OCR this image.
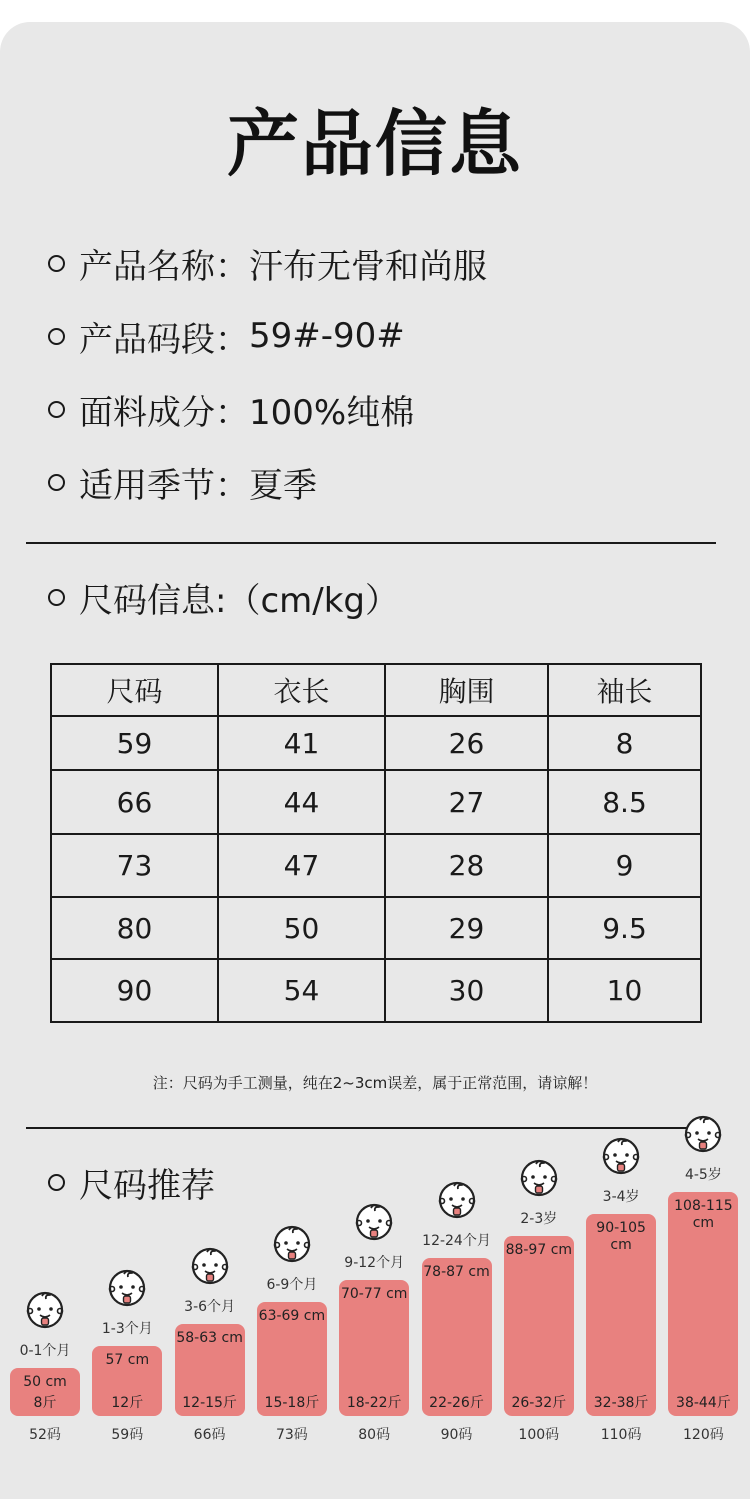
产品信息
产品名称： 汗布无骨和尚服
产品码段： 59#-90#
面料成分： 100%纯棉
适用季节： 夏季
尺码信息:（cm/kg）
尺码	衣长	胸围	袖长
59	41	26	8
66	44	27	8.5
73	47	28	9
80	50	29	9.5
90	54	30	10
注：尺码为手工测量，纯在2~3cm误差，属于正常范围，请谅解！
尺码推荐
0-1个月
50 cm
8斤
52码
1-3个月
57 cm
12斤
59码
3-6个月
58-63 cm
12-15斤
66码
6-9个月
63-69 cm
15-18斤
73码
9-12个月
70-77 cm
18-22斤
80码
12-24个月
78-87 cm
22-26斤
90码
2-3岁
88-97 cm
26-32斤
100码
3-4岁
90-105 cm
32-38斤
110码
4-5岁
108-115 cm
38-44斤
120码
